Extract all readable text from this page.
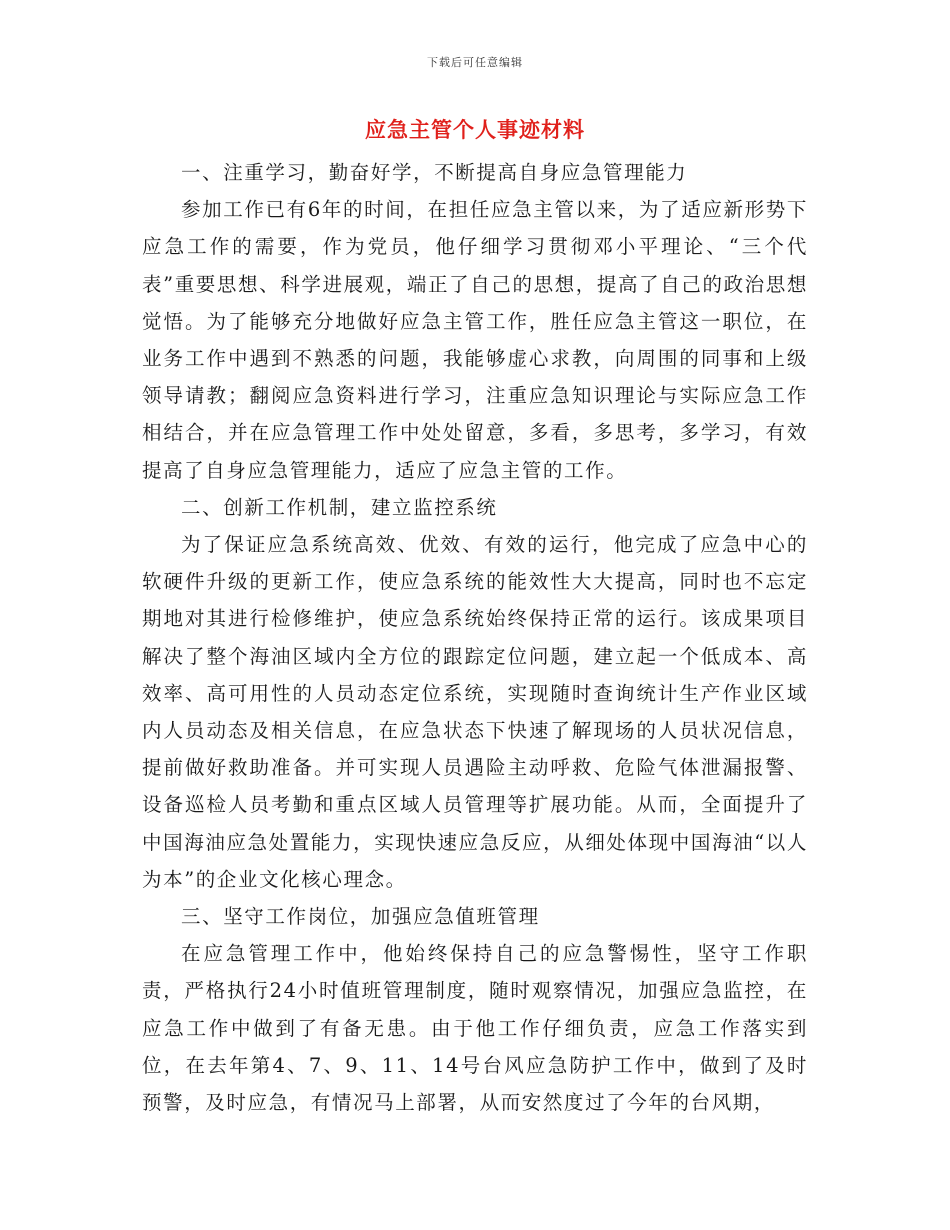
下载后可任意编辑
应急主管个人事迹材料

一、注重学习，勤奋好学，不断提高自身应急管理能力

参加工作已有6年的时间，在担任应急主管以来，为了适应新形势下应急工作的需要，作为党员，他仔细学习贯彻邓小平理论、“三个代表”重要思想、科学进展观，端正了自己的思想，提高了自己的政治思想觉悟。为了能够充分地做好应急主管工作，胜任应急主管这一职位，在业务工作中遇到不熟悉的问题，我能够虚心求教，向周围的同事和上级领导请教；翻阅应急资料进行学习，注重应急知识理论与实际应急工作相结合，并在应急管理工作中处处留意，多看，多思考，多学习，有效提高了自身应急管理能力，适应了应急主管的工作。

二、创新工作机制，建立监控系统

为了保证应急系统高效、优效、有效的运行，他完成了应急中心的软硬件升级的更新工作，使应急系统的能效性大大提高，同时也不忘定期地对其进行检修维护，使应急系统始终保持正常的运行。该成果项目解决了整个海油区域内全方位的跟踪定位问题，建立起一个低成本、高效率、高可用性的人员动态定位系统，实现随时查询统计生产作业区域内人员动态及相关信息，在应急状态下快速了解现场的人员状况信息，提前做好救助准备。并可实现人员遇险主动呼救、危险气体泄漏报警、设备巡检人员考勤和重点区域人员管理等扩展功能。从而，全面提升了中国海油应急处置能力，实现快速应急反应，从细处体现中国海油“以人为本”的企业文化核心理念。

三、坚守工作岗位，加强应急值班管理

在应急管理工作中，他始终保持自己的应急警惕性，坚守工作职责，严格执行24小时值班管理制度，随时观察情况，加强应急监控，在应急工作中做到了有备无患。由于他工作仔细负责，应急工作落实到位，在去年第4、7、9、11、14号台风应急防护工作中，做到了及时预警，及时应急，有情况马上部署，从而安然度过了今年的台风期，
